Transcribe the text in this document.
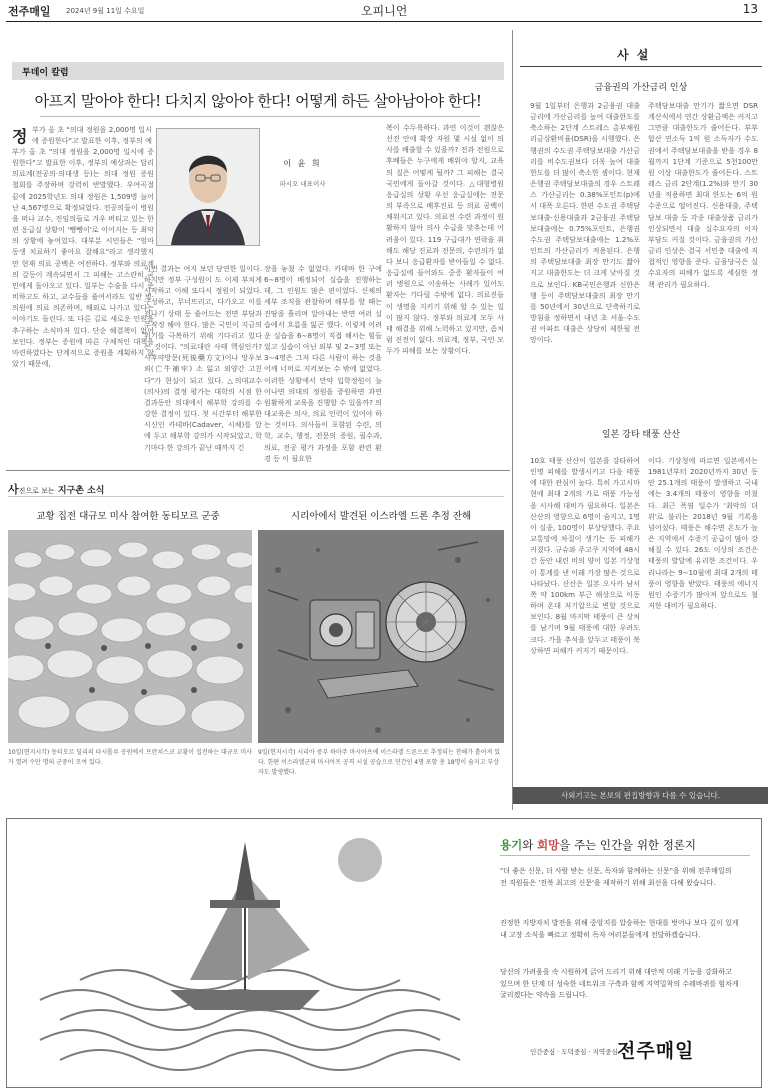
전주매일 2024년 9월 11일 수요일	오피니언	13
투데이 칼럼
아프지 말아야 한다! 다치지 않아야 한다! 어떻게 하든 살아남아야 한다!
정 부가 올 초 "의대 정원을 2,000명 일시에 증원한다"고 발표한 이후, 정부의 예
부가 올 초 "의대 정원을 2,000명 일시에 증원한다"고 발표한 이후, 정부의 예상과는 달리 의료계(전공의·의대생 등)는 의대 정원 증원 철회를 주장하며 강력히 반발했다. 우여곡절 끝에 2025학년도 의대 정원은 1,509명 늘어난 4,567명으로 확정되었다. 전공의들이 병원을 떠나 교수, 전임의들로 겨우 버티고 있는 한편 응급실 상황이 '뺑뺑이'로 이어지는 등 최악의 상황에 놓여있다. 대부분 시민들은 "엄마 동생 치료하기 좋아요 잘해요"라고 생각했지만 현재 의료 공백은 여전하다. 정부와 의료계의 갈등이 계속되면서 그 피해는 고스란히 국민에게 돌아오고 있다. 일부는 수술을 다시 준비하고도 하고, 교수들을 줄여서라도 일반 병·의원에 의료 의존하며, 해외로 나가고 있다는 이야기도 들린다. 또 다른 길로 새로운 인원을 추구하는 소식마저 있다. 단순 해결책이 없어 보인다. 정부는 증원에 따른 구체적인 대책을 마련하였다는 단계적으로 증원을 계획하지 않았기 때문에,
이 윤 희
파시오 대표이사
이번 결과는 여지 보던 당연한 일이다. 하지만 정부 구성원이 도 이제 부치게 시작하고 이해 또다시 정원이 되었다. 구성하고, 무너뜨리고, 다가오고 이를 전나기 상태 등 줄어드는 전면 부담과 무작정 해야 한다. 많은 국민이 지금의 위기를 극복하기 위해 기다리고 있다는 것이다. "의료대란 사태 핵심인가? 사후약방문(死後藥方文)이나 망우보뢰(亡牛補牢) 소 잃고 외양간 고친다"가 현실이 되고 있다. △의대교수(의사)의 결정 평가는 대학의 시점 한 결과동안 의대에서 해부학 강의를 수강한 결정이 있다. 첫 시간부터 해부한 시신인 카데바(Cadaver, 시체)를 앞에 두고 해부학 강의가 시작되었고, 학기마다 한 강의가 끝난 때까지 긴
장을 놓쳤 수 없었다. 카데바 한 구에 6∼8명이 배정되어 실습을 진행하는데, 그 인원도 많은 편이었다. 신체의 세부 조직을 관찰하며 해부를 할 때는 진땀을 흘리며 알아내는 반면 여러 실습에서 흐름을 잃곤 했다. 이렇게 어려운 실습을 6∼8명이 직접 해서는 힘들었고 실습이 아닌 외부 및 2∼3명 또는 3∼4명은 그저 다른 사람이 하는 것을 어깨 너머로 지켜보는 수 밖에 없었다. 이러한 상황에서 만약 입학정원이 늘어나면 의대의 정원을 증원하면 과연 원활하게 교육을 진행할 수 있을까? 의대교육은 의사, 의료 인력이 있어야 하는 것이다. 의사들이 포함된 수련, 의학, 교수, 행정, 전문의 증원, 필수과, 의료, 전공 평가 과정을 포함 관련 환경 등 이 필요한
복이 수두룩하다. 과연 이것이 괜찮은 선진 안에 확장 자원 몇 시설 없이 의사를 배출할 수 있을까? 전과 전원으로 후배들은 누구에게 배워야 할지, 교육의 질은 어떻게 될까? 그 피해는 결국 국민에게 돌아갈 것이다. △대형병원 응급실의 상황 우선 응급실에는 전문의 부족으로 배후진료 등 의료 공백이 채워지고 있다. 의료진 수련 과정이 원활하지 않아 의사 수급을 맞추는데 어려움이 있다. 119 구급대가 연락을 취해도 해당 진료과 전문의, 수련의가 없다 보니 응급환자를 받아들일 수 없다. 응급실에 들어와도 중증 환자들이 여러 병원으로 이송하는 사례가 있어도 환자는 기다릴 수밖에 없다. 의료진들이 생명을 지키기 위해 할 수 있는 일이 많지 않다. 정부와 의료계 모두 사태 해결을 위해 노력하고 있지만, 좀처럼 진전이 없다. 의료계, 정부, 국민 모두가 피해를 보는 상황이다.
사 설
금융권의 가산금리 인상
9월 1일부터 은행과 2금융권 대출금리에 가산금리를 높여 대출한도를 축소하는 2단계 스트레스 총부채원리금상환비율(DSR)을 시행했다. 은행권의 수도권 주택담보대출 가산금리를 비수도권보다 더욱 높여 대출한도를 더 많이 축소한 셈이다. 현재 은행권 주택담보대출의 경우 스트레스 가산금리는 0.38%포인트(p)에서 대폭 오른다. 한편 수도권 주택담보대출·신용대출과 2금융권 주택담보대출에는 0.75%포인트, 은행권 수도권 주택담보대출에는 1.2%포인트의 가산금리가 적용된다. 은행의 주택담보대출 최장 만기도 짧아지고 대출한도는 더 크게 낮아질 것으로 보인다. KB국민은행과 신한은행 등이 주택담보대출의 최장 만기를 50년에서 30년으로 단축하기로 방침을 정하면서 내년 초 서울·수도권 아파트 대출은 상당히 제한될 전망이다.
주택담보대출 만기가 짧으면 DSR 계산식에서 연간 상환금액은 커지고 그만큼 대출한도가 줄어든다. 부부합산 연소득 1억 원 소득자가 수도권에서 주택담보대출을 받을 경우 8월까지 1단계 기준으로 5천100만 원 이상 대출한도가 줄어든다. 스트레스 금리 2단계(1.2%)와 만기 30년을 적용하면 최대 한도는 6억 원 수준으로 떨어진다. 신용대출, 주택 담보 대출 등 각종 대출상품 금리가 인상되면서 대출 실수요자의 이자 부담도 커질 것이다. 금융권의 가산금리 인상은 결국 서민층 대출에 직접적인 영향을 준다. 금융당국은 실수요자의 피해가 없도록 세심한 정책 관리가 필요하다.
일본 강타 태풍 산산
10호 태풍 산산이 일본을 강타하여 인명 피해를 발생시키고 다음 태풍에 대한 관심이 높다. 특히 가고시마 현에 최대 2개의 가로 태풍 가능성을 시사해 대비가 필요하다. 일본은 산산의 영향으로 6명이 숨지고, 1명이 실종, 100명이 부상당했다. 주요 교통망에 차질이 생기는 등 피해가 커졌다. 규슈와 주고쿠 지역에 48시간 동안 내린 비의 양이 일본 기상청이 통계를 낸 이래 가장 많은 것으로 나타났다. 산산은 일본 오사카 남서쪽 약 100km 부근 해상으로 이동하며 온대 저기압으로 변할 것으로 보인다. 8월 마지막 태풍이 큰 상처를 남기며 9월 태풍에 대한 우려도 크다. 가을 추석을 앞두고 태풍이 북상하면 피해가 커지기 때문이다.
이다. 기상청에 따르면 일본에서는 1981년부터 2020년까지 30년 동안 25.1개의 태풍이 발생하고 국내에는 3.4개의 태풍이 영향을 미쳤다. 최근 폭염 일수가 '최악의 더위'로 불리는 2018년 9월 기록을 넘어섰다. 태풍은 해수면 온도가 높은 지역에서 수증기 공급이 많아 강해질 수 있다. 26도 이상의 조건은 태풍의 발달에 유리한 조건이다. 우리나라는 9∼10월에 최대 2개의 태풍이 영향을 받았다. 태풍의 에너지원인 수증기가 많아져 앞으로도 철저한 대비가 필요하다.
사외기고는 본보의 편집방향과 다를 수 있습니다.
사진으로 보는 지구촌 소식
교황 집전 대규모 미사 참여한 동티모르 군중	시리아에서 발견된 이스라엘 드론 추정 잔해
10일(현지시각) 동티모르 딜리의 타시톨루 공원에서 프란치스코 교황이 집전하는 대규모 미사가 열려 수만 명의 군중이 모여 있다.
9일(현지시각) 시리아 중부 하마주 마시아프에 이스라엘 드론으로 추정되는 잔해가 흩어져 있다. 한편 이스라엘군의 마시아프 공격 시설 공습으로 민간인 4명 포함 총 18명이 숨지고 부상자도 발생했다.
용기와 희망을 주는 인간을 위한 정론지
"더 좋은 신문, 더 사람 받는 신문, 독자와 함께하는 신문"을 위해 전주매일의 전 직원들은 '전북 최고의 신문'을 제작하기 위해 최선을 다해 왔습니다.
진정한 지방자치 발전을 위해 중앙지를 압승하는 현대를 벗어나 보다 깊이 있게 내 고장 소식을 빠르고 정확히 독자 여러분들에게 전달하겠습니다.
당신의 가려움을 속 시원하게 긁어 드리기 위해 대안적 미래 기능을 강화하고 있으며 한 단계 더 성숙한 네트워크 구축과 함께 지역밀착의 수레바퀴를 힘차게 굴리겠다는 약속을 드립니다.
인간중심 · 도덕중심 · 지역중심 전주매일
